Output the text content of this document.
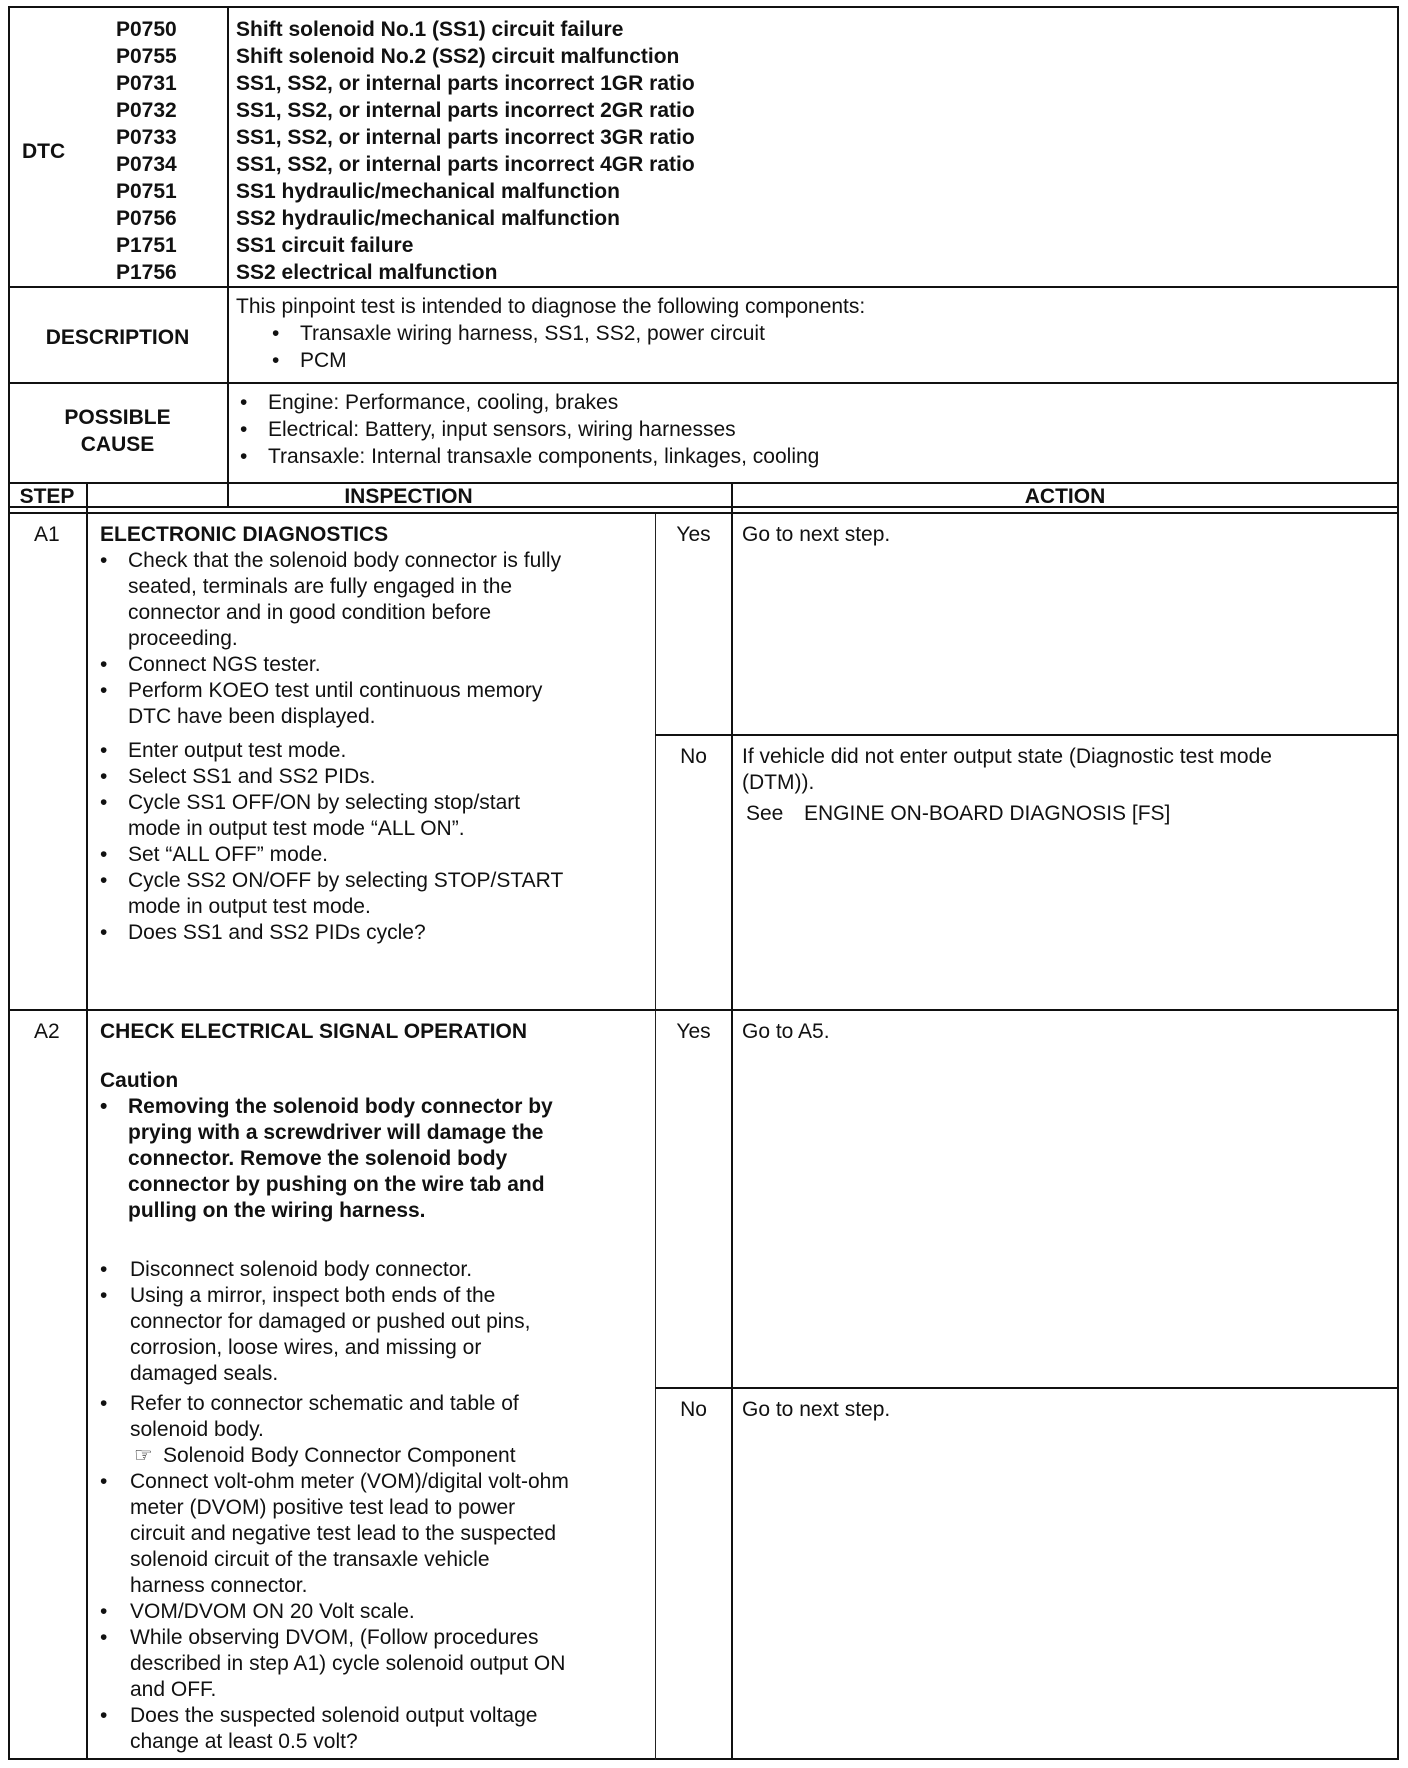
DTC
P0750	Shift solenoid No.1 (SS1) circuit failure
P0755	Shift solenoid No.2 (SS2) circuit malfunction
P0731	SS1, SS2, or internal parts incorrect 1GR ratio
P0732	SS1, SS2, or internal parts incorrect 2GR ratio
P0733	SS1, SS2, or internal parts incorrect 3GR ratio
P0734	SS1, SS2, or internal parts incorrect 4GR ratio
P0751	SS1 hydraulic/mechanical malfunction
P0756	SS2 hydraulic/mechanical malfunction
P1751	SS1 circuit failure
P1756	SS2 electrical malfunction
DESCRIPTION
This pinpoint test is intended to diagnose the following components:
• Transaxle wiring harness, SS1, SS2, power circuit
• PCM
POSSIBLE
CAUSE
• Engine: Performance, cooling, brakes
• Electrical: Battery, input sensors, wiring harnesses
• Transaxle: Internal transaxle components, linkages, cooling
STEP	INSPECTION	ACTION
A1 ELECTRONIC DIAGNOSTICS
• Check that the solenoid body connector is fully
seated, terminals are fully engaged in the
connector and in good condition before
proceeding.
• Connect NGS tester.
• Perform KOEO test until continuous memory
DTC have been displayed.
• Enter output test mode.
• Select SS1 and SS2 PIDs.
• Cycle SS1 OFF/ON by selecting stop/start
mode in output test mode “ALL ON”.
• Set “ALL OFF” mode.
• Cycle SS2 ON/OFF by selecting STOP/START
mode in output test mode.
• Does SS1 and SS2 PIDs cycle?
Yes	Go to next step.
No	If vehicle did not enter output state (Diagnostic test mode
(DTM)).
See ENGINE ON-BOARD DIAGNOSIS [FS]
A2 CHECK ELECTRICAL SIGNAL OPERATION
Caution
• Removing the solenoid body connector by
prying with a screwdriver will damage the
connector. Remove the solenoid body
connector by pushing on the wire tab and
pulling on the wiring harness.
• Disconnect solenoid body connector.
• Using a mirror, inspect both ends of the
connector for damaged or pushed out pins,
corrosion, loose wires, and missing or
damaged seals.
• Refer to connector schematic and table of
solenoid body.
☞ Solenoid Body Connector Component
• Connect volt-ohm meter (VOM)/digital volt-ohm
meter (DVOM) positive test lead to power
circuit and negative test lead to the suspected
solenoid circuit of the transaxle vehicle
harness connector.
• VOM/DVOM ON 20 Volt scale.
• While observing DVOM, (Follow procedures
described in step A1) cycle solenoid output ON
and OFF.
• Does the suspected solenoid output voltage
change at least 0.5 volt?
Yes	Go to A5.
No	Go to next step.
